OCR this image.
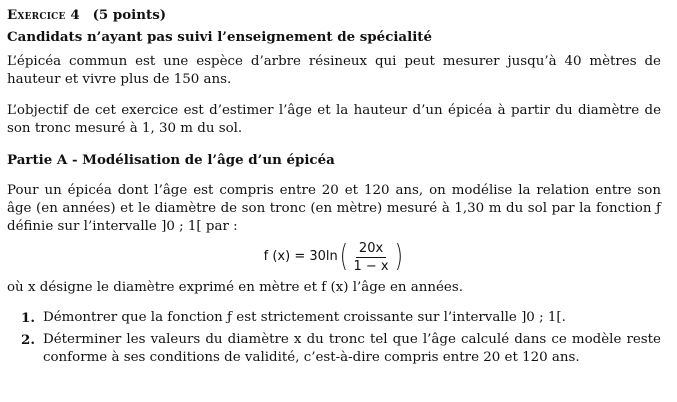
Exercice 4 (5 points)
Candidats n’ayant pas suivi l’enseignement de spécialité

L’épicéa commun est une espèce d’arbre résineux qui peut mesurer jusqu’à 40 mètres de hauteur et vivre plus de 150 ans.

L’objectif de cet exercice est d’estimer l’âge et la hauteur d’un épicéa à partir du diamètre de son tronc mesuré à 1, 30 m du sol.

Partie A - Modélisation de l’âge d’un épicéa

Pour un épicéa dont l’âge est compris entre 20 et 120 ans, on modélise la relation entre son âge (en années) et le diamètre de son tronc (en mètre) mesuré à 1,30 m du sol par la fonction ƒ définie sur l’intervalle ]0 ; 1[ par :

f (x) = 30ln ( $\frac{20x}{1 - x}$ )

où x désigne le diamètre exprimé en mètre et f (x) l’âge en années.

1. Démontrer que la fonction ƒ est strictement croissante sur l’intervalle ]0 ; 1[.
2. Déterminer les valeurs du diamètre x du tronc tel que l’âge calculé dans ce modèle reste conforme à ses conditions de validité, c’est-à-dire compris entre 20 et 120 ans.
